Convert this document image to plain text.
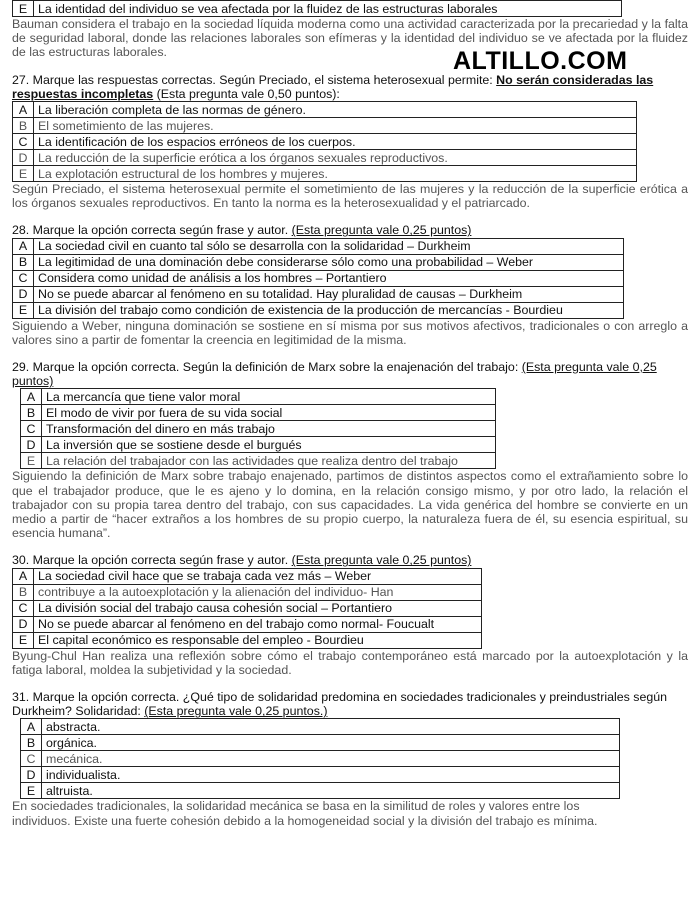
ALTILLO.COM
E	La identidad del individuo se vea afectada por la fluidez de las estructuras laborales

Bauman considera el trabajo en la sociedad líquida moderna como una actividad caracterizada por la precariedad y la falta de seguridad laboral, donde las relaciones laborales son efímeras y la identidad del individuo se ve afectada por la fluidez de las estructuras laborales.

27. Marque las respuestas correctas. Según Preciado, el sistema heterosexual permite: No serán consideradas las respuestas incompletas (Esta pregunta vale 0,50 puntos):

A	La liberación completa de las normas de género.
B	El sometimiento de las mujeres.
C	La identificación de los espacios erróneos de los cuerpos.
D	La reducción de la superficie erótica a los órganos sexuales reproductivos.
E	La explotación estructural de los hombres y mujeres.

Según Preciado, el sistema heterosexual permite el sometimiento de las mujeres y la reducción de la superficie erótica a los órganos sexuales reproductivos. En tanto la norma es la heterosexualidad y el patriarcado.

28. Marque la opción correcta según frase y autor. (Esta pregunta vale 0,25 puntos)

A	La sociedad civil en cuanto tal sólo se desarrolla con la solidaridad – Durkheim
B	La legitimidad de una dominación debe considerarse sólo como una probabilidad – Weber
C	Considera como unidad de análisis a los hombres – Portantiero
D	No se puede abarcar al fenómeno en su totalidad. Hay pluralidad de causas – Durkheim
E	La división del trabajo como condición de existencia de la producción de mercancías - Bourdieu

Siguiendo a Weber, ninguna dominación se sostiene en sí misma por sus motivos afectivos, tradicionales o con arreglo a valores sino a partir de fomentar la creencia en legitimidad de la misma.

29. Marque la opción correcta. Según la definición de Marx sobre la enajenación del trabajo: (Esta pregunta vale 0,25 puntos)

A	La mercancía que tiene valor moral
B	El modo de vivir por fuera de su vida social
C	Transformación del dinero en más trabajo
D	La inversión que se sostiene desde el burgués
E	La relación del trabajador con las actividades que realiza dentro del trabajo

Siguiendo la definición de Marx sobre trabajo enajenado, partimos de distintos aspectos como el extrañamiento sobre lo que el trabajador produce, que le es ajeno y lo domina, en la relación consigo mismo, y por otro lado, la relación el trabajador con su propia tarea dentro del trabajo, con sus capacidades. La vida genérica del hombre se convierte en un medio a partir de “hacer extraños a los hombres de su propio cuerpo, la naturaleza fuera de él, su esencia espiritual, su esencia humana”.

30. Marque la opción correcta según frase y autor. (Esta pregunta vale 0,25 puntos)

A	La sociedad civil hace que se trabaja cada vez más – Weber
B	contribuye a la autoexplotación y la alienación del individuo- Han
C	La división social del trabajo causa cohesión social – Portantiero
D	No se puede abarcar al fenómeno en del trabajo como normal- Foucualt
E	El capital económico es responsable del empleo - Bourdieu

Byung-Chul Han realiza una reflexión sobre cómo el trabajo contemporáneo está marcado por la autoexplotación y la fatiga laboral, moldea la subjetividad y la sociedad.

31. Marque la opción correcta. ¿Qué tipo de solidaridad predomina en sociedades tradicionales y preindustriales según Durkheim? Solidaridad: (Esta pregunta vale 0,25 puntos.)

A	abstracta.
B	orgánica.
C	mecánica.
D	individualista.
E	altruista.

En sociedades tradicionales, la solidaridad mecánica se basa en la similitud de roles y valores entre los
individuos. Existe una fuerte cohesión debido a la homogeneidad social y la división del trabajo es mínima.
